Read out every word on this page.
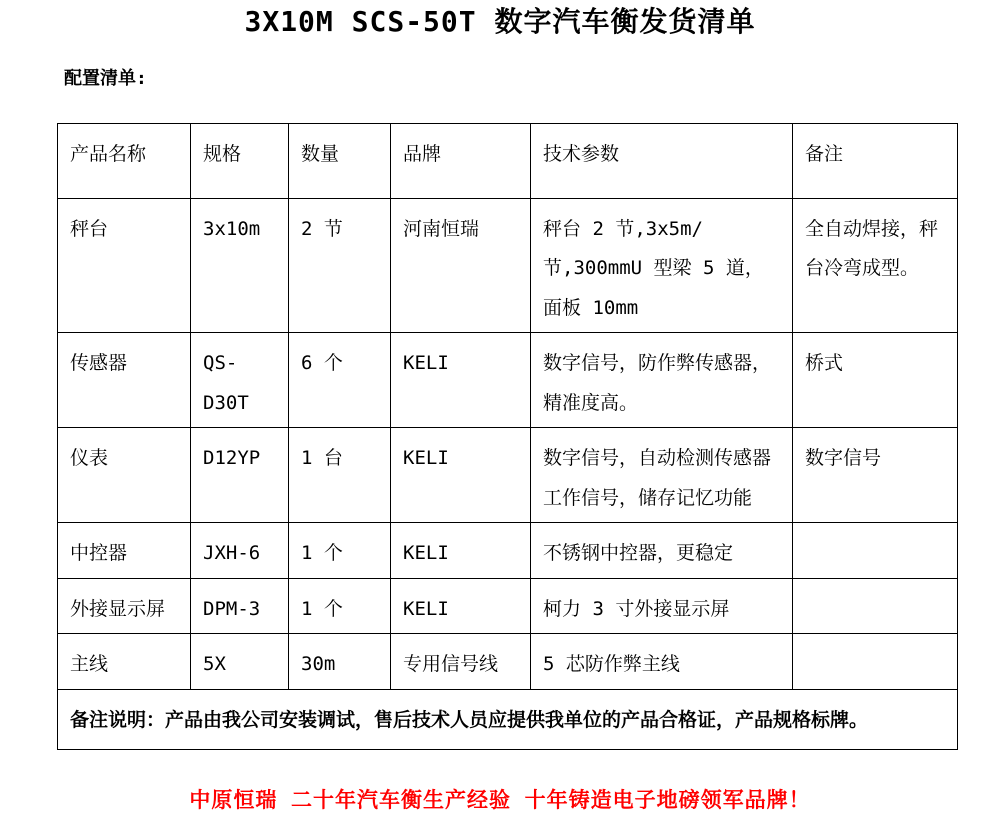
3X10M SCS-50T 数字汽车衡发货清单
配置清单:
产品名称	规格	数量	品牌	技术参数	备注
秤台	3x10m	2 节	河南恒瑞	秤台 2 节,3x5m/节,300mmU 型梁 5 道，面板 10mm	全自动焊接，秤台冷弯成型。
传感器	QS-D30T	6 个	KELI	数字信号，防作弊传感器，精准度高。	桥式
仪表	D12YP	1 台	KELI	数字信号，自动检测传感器工作信号，储存记忆功能	数字信号
中控器	JXH-6	1 个	KELI	不锈钢中控器，更稳定	
外接显示屏	DPM-3	1 个	KELI	柯力 3 寸外接显示屏	
主线	5X	30m	专用信号线	5 芯防作弊主线	
备注说明：产品由我公司安装调试，售后技术人员应提供我单位的产品合格证，产品规格标牌。					
中原恒瑞 二十年汽车衡生产经验 十年铸造电子地磅领军品牌！
